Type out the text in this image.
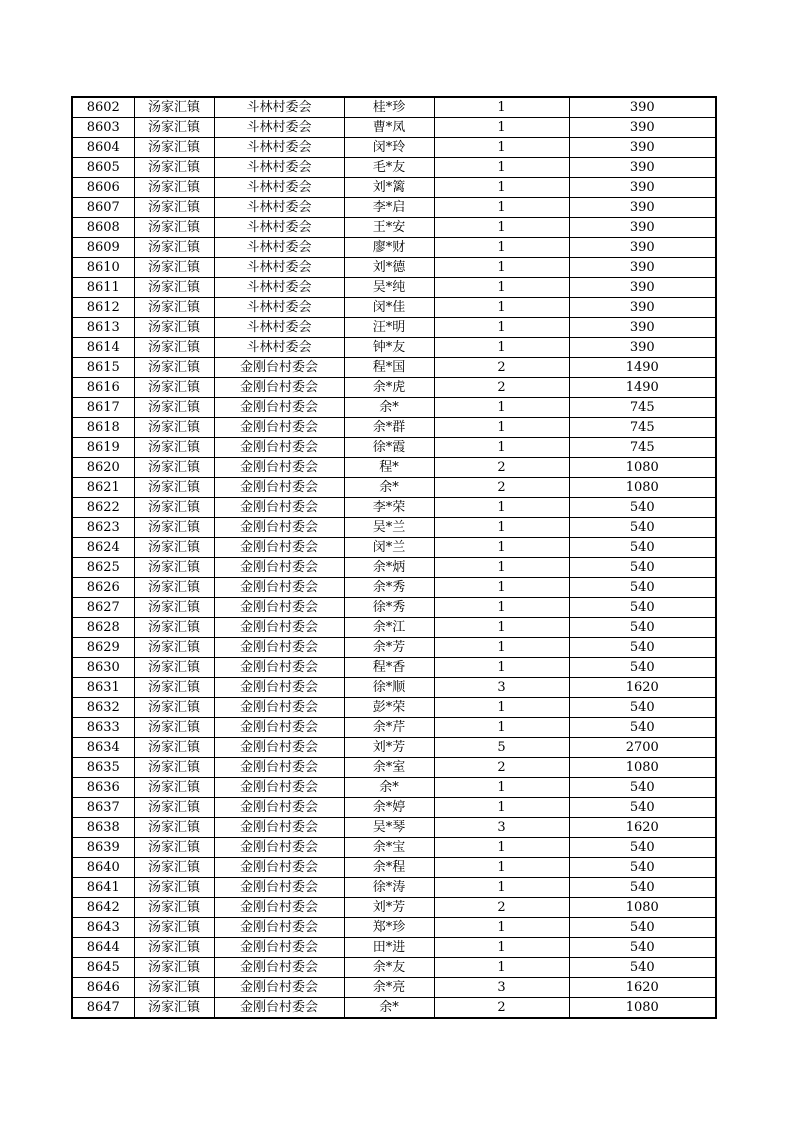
8602	汤家汇镇	斗林村委会	桂*珍	1	390
8603	汤家汇镇	斗林村委会	曹*凤	1	390
8604	汤家汇镇	斗林村委会	闵*玲	1	390
8605	汤家汇镇	斗林村委会	毛*友	1	390
8606	汤家汇镇	斗林村委会	刘*篱	1	390
8607	汤家汇镇	斗林村委会	李*启	1	390
8608	汤家汇镇	斗林村委会	王*安	1	390
8609	汤家汇镇	斗林村委会	廖*财	1	390
8610	汤家汇镇	斗林村委会	刘*德	1	390
8611	汤家汇镇	斗林村委会	吴*纯	1	390
8612	汤家汇镇	斗林村委会	闵*佳	1	390
8613	汤家汇镇	斗林村委会	汪*明	1	390
8614	汤家汇镇	斗林村委会	钟*友	1	390
8615	汤家汇镇	金刚台村委会	程*国	2	1490
8616	汤家汇镇	金刚台村委会	余*虎	2	1490
8617	汤家汇镇	金刚台村委会	余*	1	745
8618	汤家汇镇	金刚台村委会	余*群	1	745
8619	汤家汇镇	金刚台村委会	徐*霞	1	745
8620	汤家汇镇	金刚台村委会	程*	2	1080
8621	汤家汇镇	金刚台村委会	余*	2	1080
8622	汤家汇镇	金刚台村委会	李*荣	1	540
8623	汤家汇镇	金刚台村委会	吴*兰	1	540
8624	汤家汇镇	金刚台村委会	闵*兰	1	540
8625	汤家汇镇	金刚台村委会	余*炳	1	540
8626	汤家汇镇	金刚台村委会	余*秀	1	540
8627	汤家汇镇	金刚台村委会	徐*秀	1	540
8628	汤家汇镇	金刚台村委会	余*江	1	540
8629	汤家汇镇	金刚台村委会	余*芳	1	540
8630	汤家汇镇	金刚台村委会	程*香	1	540
8631	汤家汇镇	金刚台村委会	徐*顺	3	1620
8632	汤家汇镇	金刚台村委会	彭*荣	1	540
8633	汤家汇镇	金刚台村委会	余*芹	1	540
8634	汤家汇镇	金刚台村委会	刘*芳	5	2700
8635	汤家汇镇	金刚台村委会	余*室	2	1080
8636	汤家汇镇	金刚台村委会	余*	1	540
8637	汤家汇镇	金刚台村委会	余*婷	1	540
8638	汤家汇镇	金刚台村委会	吴*琴	3	1620
8639	汤家汇镇	金刚台村委会	余*宝	1	540
8640	汤家汇镇	金刚台村委会	余*程	1	540
8641	汤家汇镇	金刚台村委会	徐*涛	1	540
8642	汤家汇镇	金刚台村委会	刘*芳	2	1080
8643	汤家汇镇	金刚台村委会	郑*珍	1	540
8644	汤家汇镇	金刚台村委会	田*进	1	540
8645	汤家汇镇	金刚台村委会	余*友	1	540
8646	汤家汇镇	金刚台村委会	余*亮	3	1620
8647	汤家汇镇	金刚台村委会	余*	2	1080
